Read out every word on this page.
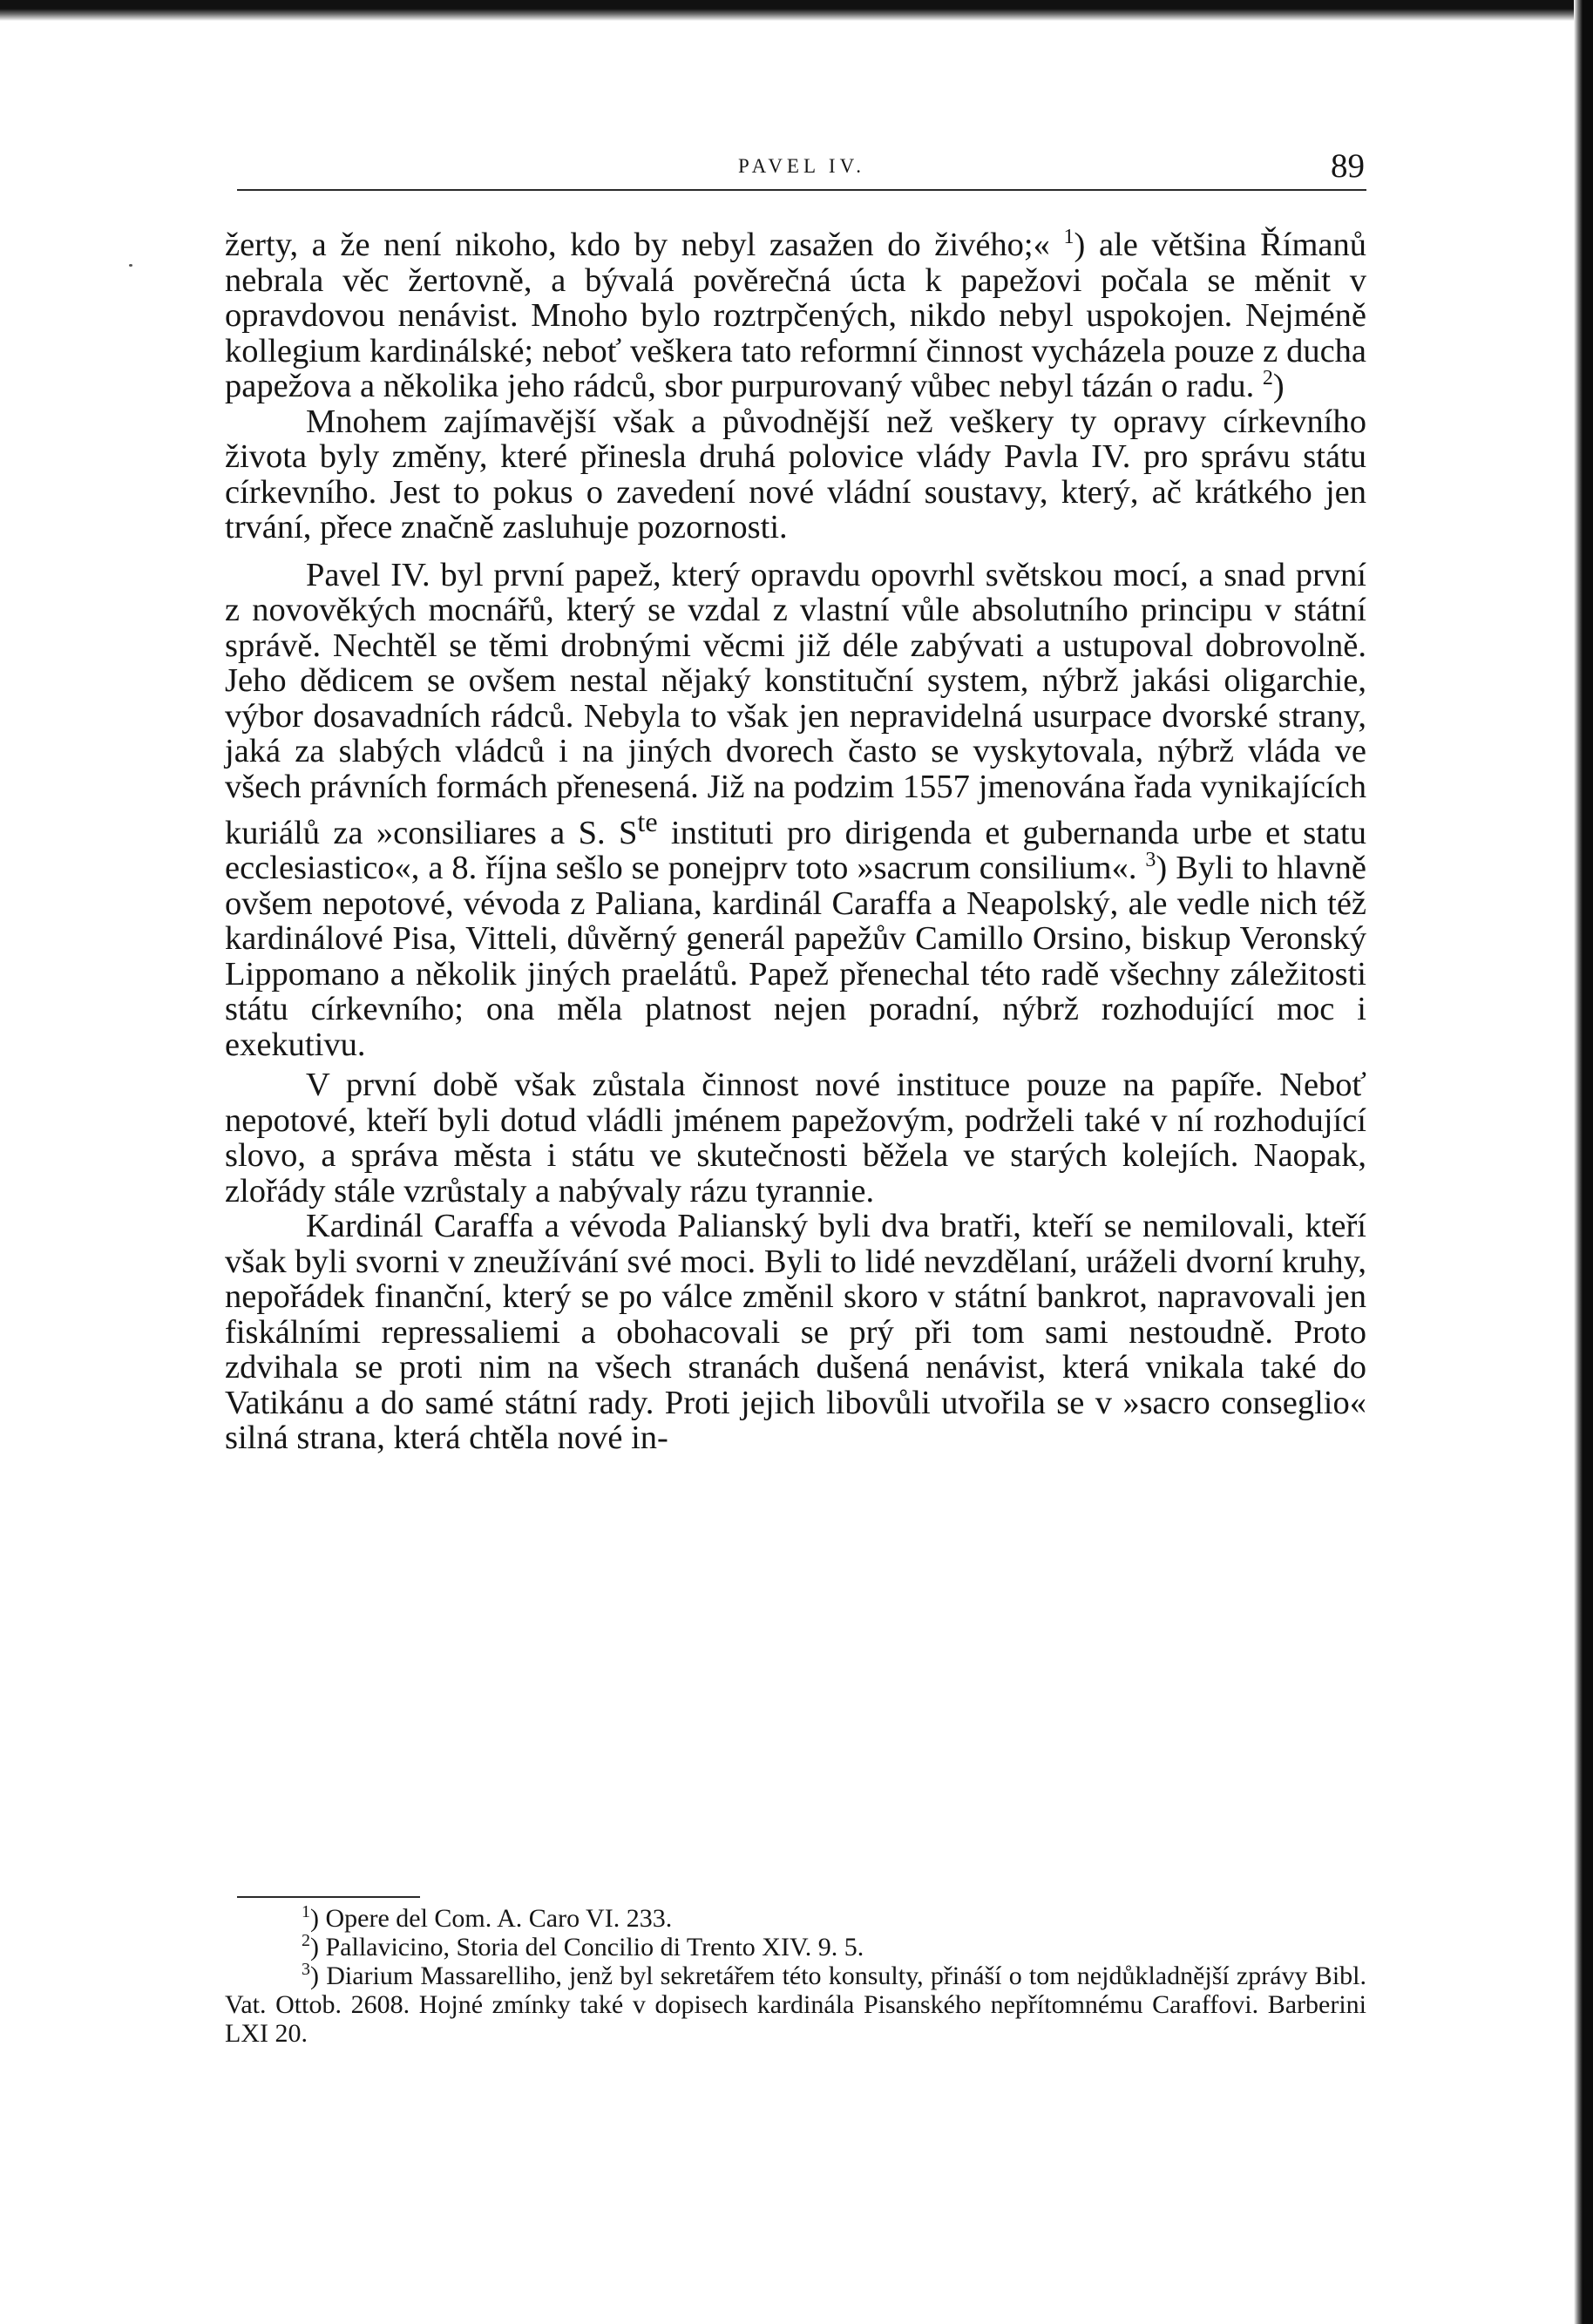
PAVEL IV.	89

žerty, a že není nikoho, kdo by nebyl zasažen do živého;« $^1$) ale většina Římanů nebrala věc žertovně, a bývalá pověrečná úcta k papežovi počala se měnit v opravdovou nenávist. Mnoho bylo roztrpčených, nikdo nebyl uspokojen. Nejméně kollegium kardinálské; neboť veškera tato reformní činnost vycházela pouze z ducha papežova a několika jeho rádců, sbor purpurovaný vůbec nebyl tázán o radu. $^2$)

Mnohem zajímavější však a původnější než veškery ty opravy církevního života byly změny, které přinesla druhá polovice vlády Pavla IV. pro správu státu církevního. Jest to pokus o zavedení nové vládní soustavy, který, ač krátkého jen trvání, přece značně zasluhuje pozornosti.

Pavel IV. byl první papež, který opravdu opovrhl světskou mocí, a snad první z novověkých mocnářů, který se vzdal z vlastní vůle absolutního principu v státní správě. Nechtěl se těmi drobnými věcmi již déle zabývati a ustupoval dobrovolně. Jeho dědicem se ovšem nestal nějaký konstituční system, nýbrž jakási oligarchie, výbor dosavadních rádců. Nebyla to však jen nepravidelná usurpace dvorské strany, jaká za slabých vládců i na jiných dvorech často se vyskytovala, nýbrž vláda ve všech právních formách přenesená. Již na podzim 1557 jmenována řada vynikajících kuriálů za »consiliares a S. $S^{te}$ instituti pro dirigenda et gubernanda urbe et statu ecclesiastico«, a 8. října sešlo se ponejprv toto »sacrum consilium«. $^3$) Byli to hlavně ovšem nepotové, vévoda z Paliana, kardinál Caraffa a Neapolský, ale vedle nich též kardinálové Pisa, Vitteli, důvěrný generál papežův Camillo Orsino, biskup Veronský Lippomano a několik jiných praelátů. Papež přenechal této radě všechny záležitosti státu církevního; ona měla platnost nejen poradní, nýbrž rozhodující moc i exekutivu.

V první době však zůstala činnost nové instituce pouze na papíře. Neboť nepotové, kteří byli dotud vládli jménem papežovým, podrželi také v ní rozhodující slovo, a správa města i státu ve skutečnosti běžela ve starých kolejích. Naopak, zlořády stále vzrůstaly a nabývaly rázu tyrannie.

Kardinál Caraffa a vévoda Palianský byli dva bratři, kteří se nemilovali, kteří však byli svorni v zneužívání své moci. Byli to lidé nevzdělaní, uráželi dvorní kruhy, nepořádek finanční, který se po válce změnil skoro v státní bankrot, napravovali jen fiskálními repressaliemi a obohacovali se prý při tom sami nestoudně. Proto zdvihala se proti nim na všech stranách dušená nenávist, která vnikala také do Vatikánu a do samé státní rady. Proti jejich libovůli utvořila se v »sacro conseglio« silná strana, která chtěla nové in-

$^1$) Opere del Com. A. Caro VI. 233.

$^2$) Pallavicino, Storia del Concilio di Trento XIV. 9. 5.

$^3$) Diarium Massarelliho, jenž byl sekretářem této konsulty, přináší o tom nejdůkladnější zprávy Bibl. Vat. Ottob. 2608. Hojné zmínky také v dopisech kardinála Pisanského nepřítomnému Caraffovi. Barberini LXI 20.
